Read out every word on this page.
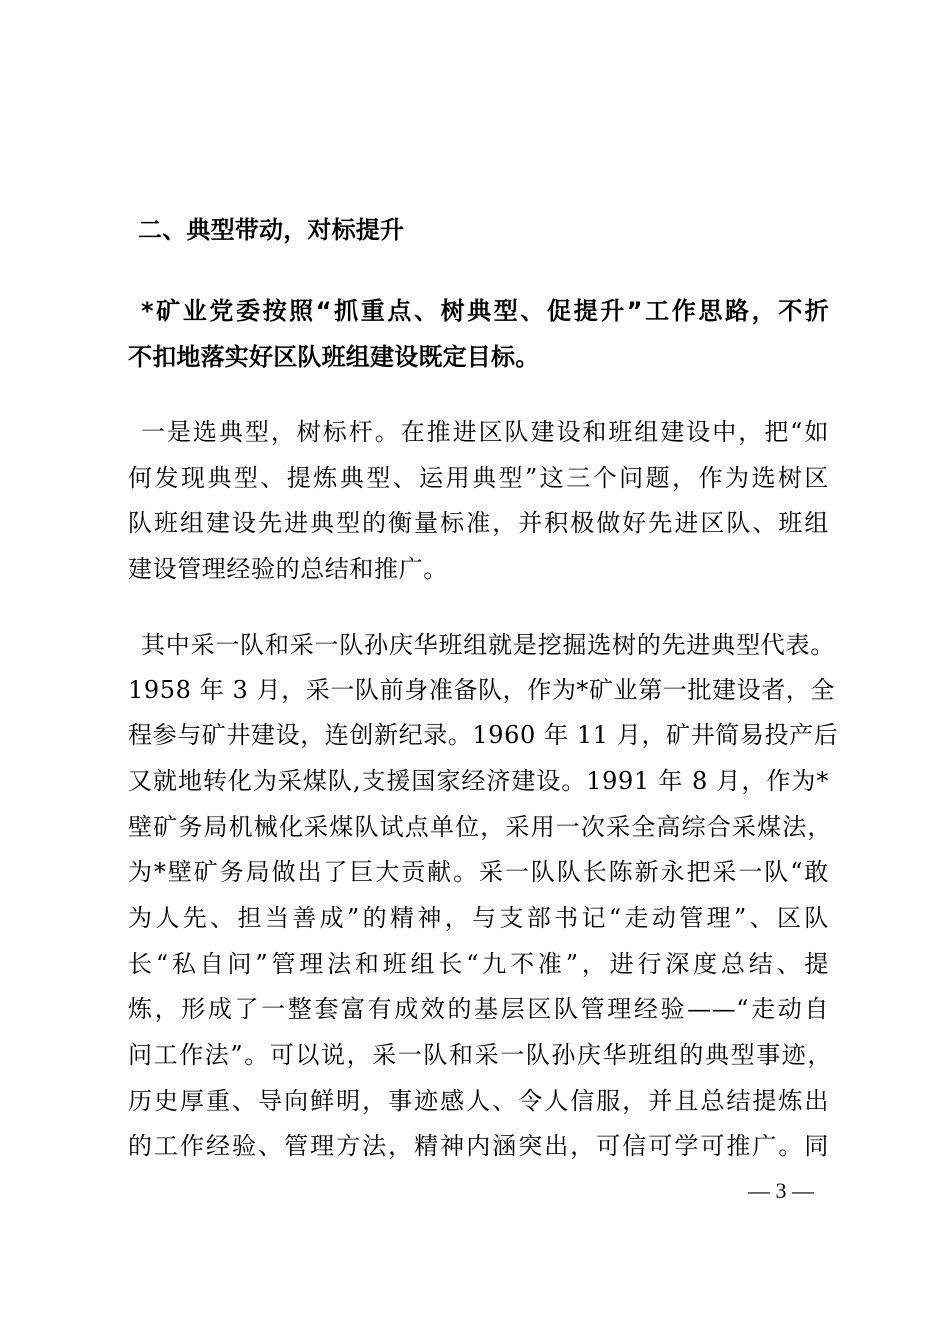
二、典型带动，对标提升
*矿业党委按照“抓重点、树典型、促提升”工作思路，不折
不扣地落实好区队班组建设既定目标。
一是选典型，树标杆。在推进区队建设和班组建设中，把“如
何发现典型、提炼典型、运用典型”这三个问题，作为选树区
队班组建设先进典型的衡量标准，并积极做好先进区队、班组
建设管理经验的总结和推广。
其中采一队和采一队孙庆华班组就是挖掘选树的先进典型代表。
1958 年 3 月，采一队前身准备队，作为*矿业第一批建设者，全
程参与矿井建设，连创新纪录。1960 年 11 月，矿井简易投产后
又就地转化为采煤队,支援国家经济建设。1991 年 8 月，作为*
壁矿务局机械化采煤队试点单位，采用一次采全高综合采煤法，
为*壁矿务局做出了巨大贡献。采一队队长陈新永把采一队“敢
为人先、担当善成”的精神，与支部书记“走动管理”、区队
长“私自问”管理法和班组长“九不准”，进行深度总结、提
炼，形成了一整套富有成效的基层区队管理经验——“走动自
问工作法”。可以说，采一队和采一队孙庆华班组的典型事迹，
历史厚重、导向鲜明，事迹感人、令人信服，并且总结提炼出
的工作经验、管理方法，精神内涵突出，可信可学可推广。同
— 3 —
